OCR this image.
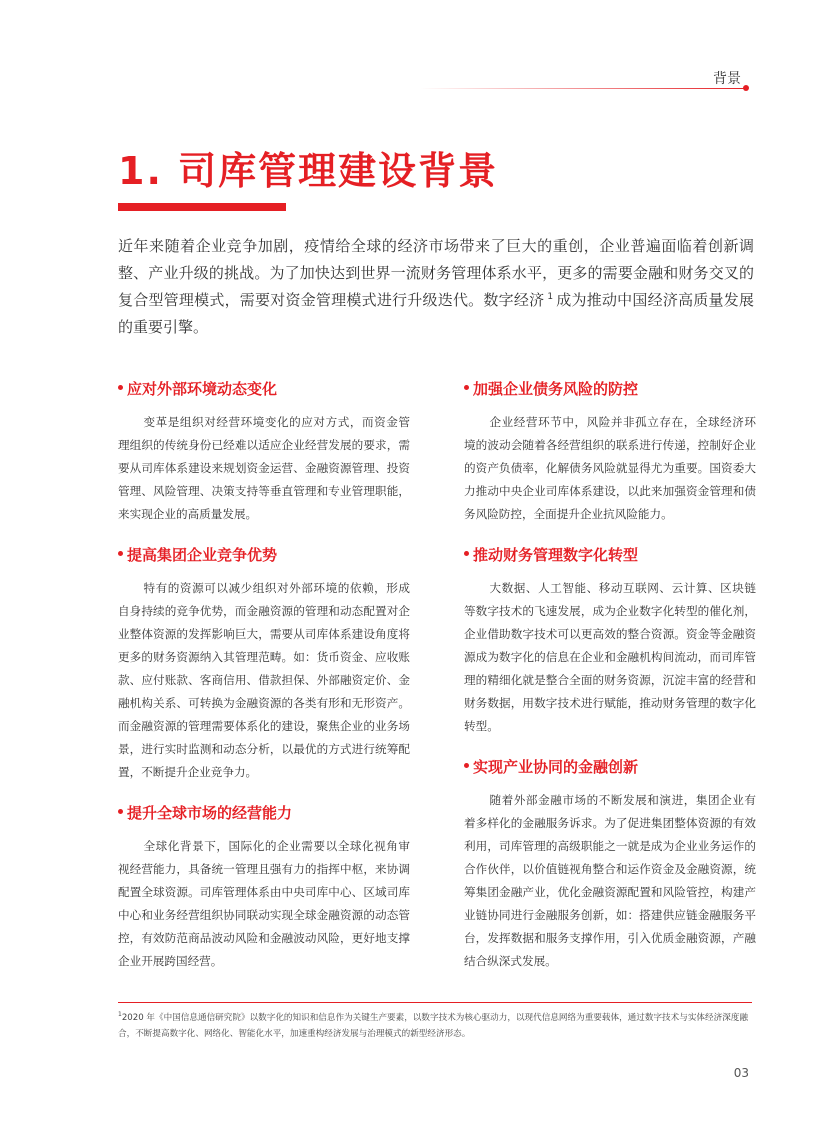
背景
1. 司库管理建设背景

近年来随着企业竞争加剧，疫情给全球的经济市场带来了巨大的重创，企业普遍面临着创新调整、产业升级的挑战。为了加快达到世界一流财务管理体系水平，更多的需要金融和财务交叉的复合型管理模式，需要对资金管理模式进行升级迭代。数字经济 $^1$ 成为推动中国经济高质量发展的重要引擎。

应对外部环境动态变化

变革是组织对经营环境变化的应对方式，而资金管理组织的传统身份已经难以适应企业经营发展的要求，需要从司库体系建设来规划资金运营、金融资源管理、投资管理、风险管理、决策支持等垂直管理和专业管理职能，来实现企业的高质量发展。

提高集团企业竞争优势

特有的资源可以减少组织对外部环境的依赖，形成自身持续的竞争优势，而金融资源的管理和动态配置对企业整体资源的发挥影响巨大，需要从司库体系建设角度将更多的财务资源纳入其管理范畴。如：货币资金、应收账款、应付账款、客商信用、借款担保、外部融资定价、金融机构关系、可转换为金融资源的各类有形和无形资产。而金融资源的管理需要体系化的建设，聚焦企业的业务场景，进行实时监测和动态分析，以最优的方式进行统筹配置，不断提升企业竞争力。

提升全球市场的经营能力

全球化背景下，国际化的企业需要以全球化视角审视经营能力，具备统一管理且强有力的指挥中枢，来协调配置全球资源。司库管理体系由中央司库中心、区域司库中心和业务经营组织协同联动实现全球金融资源的动态管控，有效防范商品波动风险和金融波动风险，更好地支撑企业开展跨国经营。

加强企业债务风险的防控

企业经营环节中，风险并非孤立存在，全球经济环境的波动会随着各经营组织的联系进行传递，控制好企业的资产负债率，化解债务风险就显得尤为重要。国资委大力推动中央企业司库体系建设，以此来加强资金管理和债务风险防控，全面提升企业抗风险能力。

推动财务管理数字化转型

大数据、人工智能、移动互联网、云计算、区块链等数字技术的飞速发展，成为企业数字化转型的催化剂，企业借助数字技术可以更高效的整合资源。资金等金融资源成为数字化的信息在企业和金融机构间流动，而司库管理的精细化就是整合全面的财务资源，沉淀丰富的经营和财务数据，用数字技术进行赋能，推动财务管理的数字化转型。

实现产业协同的金融创新

随着外部金融市场的不断发展和演进，集团企业有着多样化的金融服务诉求。为了促进集团整体资源的有效利用，司库管理的高级职能之一就是成为企业业务运作的合作伙伴，以价值链视角整合和运作资金及金融资源，统筹集团金融产业，优化金融资源配置和风险管控，构建产业链协同进行金融服务创新，如：搭建供应链金融服务平台，发挥数据和服务支撑作用，引入优质金融资源，产融结合纵深式发展。

$^1$2020 年《中国信息通信研究院》以数字化的知识和信息作为关键生产要素，以数字技术为核心驱动力，以现代信息网络为重要载体，通过数字技术与实体经济深度融合，不断提高数字化、网络化、智能化水平，加速重构经济发展与治理模式的新型经济形态。

03
